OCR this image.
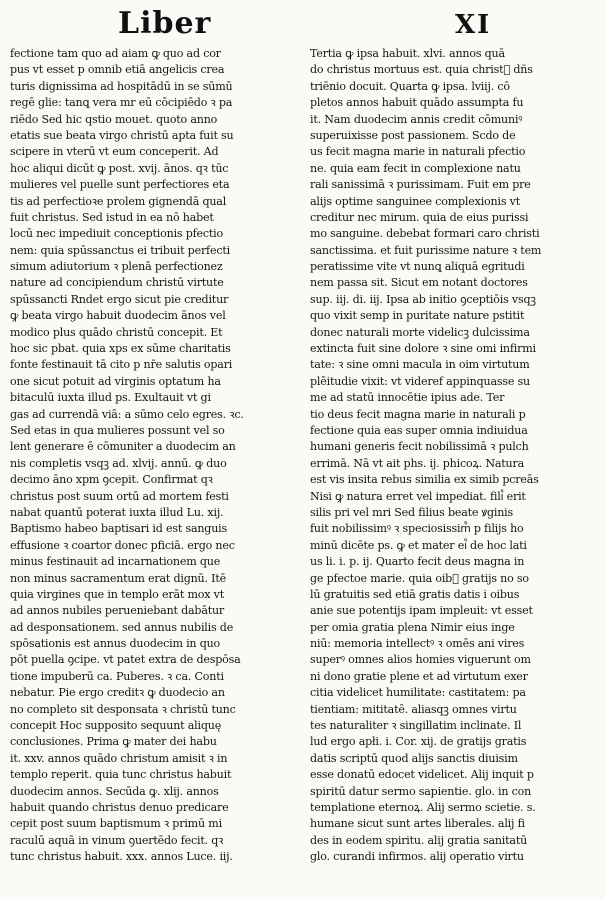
Liber	XI
fectione tam quo ad aiam ꝙ quo ad cor
pus vt esset p omnib etiā angelicis crea
turis dignissima ad hospitādū in se sūmū
regē glie: tanꝗ vera mr eū cōcipiēdo ꝛ pa
riēdo Sed hic qstio mouet. quoto anno
etatis sue beata virgo christū apta fuit su
scipere in vterū vt eum conceperit. Ad
hoc aliqui dicūt ꝙ post. xvij. ānos. qꝛ tūc
mulieres vel puelle sunt perfectiores eta
tis ad perfectioꝛe prolem gignendā qual
fuit christus. Sed istud in ea nō habet
locū nec impediuit conceptionis pfectio
nem: quia spūssanctus ei tribuit perfecti
simum adiutorium ꝛ plenā perfectionez
nature ad concipiendum christū virtute
spūssancti Rndet ergo sicut pie creditur
ꝙ beata virgo habuit duodecim ānos vel
modico plus quādo christū concepit. Et
hoc sic pbat. quia xps ex sūme charitatis
fonte festinauit tā cito p nr̄e salutis opari
one sicut potuit ad virginis optatum ha
bitaculū iuxta illud ps. Exultauit vt gi
gas ad currendā viā: a sūmo celo egres. ꝛc.
Sed etas in qua mulieres possunt vel so
lent generare ē cōmuniter a duodecim an
nis completis vsqꝫ ad. xlvij. annū. ꝙ duo
decimo āno xpm ꝯcepit. Confirmat qꝛ
christus post suum ortū ad mortem festi
nabat quantū poterat iuxta illud Lu. xij.
Baptismo habeo baptisari id est sanguis
effusione ꝛ coartor donec pficiā. ergo nec
minus festinauit ad incarnationem que
non minus sacramentum erat dignū. Itē
quia virgines que in templo erāt mox vt
ad annos nubiles perueniebant dabātur
ad desponsationem. sed annus nubilis de
spōsationis est annus duodecim in quo
pōt puella ꝯcipe. vt patet extra de despōsa
tione impuberū ca. Puberes. ꝛ ca. Conti
nebatur. Pie ergo creditꝛ ꝙ duodecio an
no completo sit desponsata ꝛ christū tunc
concepit Hoc supposito sequunt aliquę
conclusiones. Prima ꝙ mater dei habu
it. xxv. annos quādo christum amisit ꝛ in
templo reperit. quia tunc christus habuit
duodecim annos. Secūda ꝙ. xlij. annos
habuit quando christus denuo predicare
cepit post suum baptismum ꝛ primū mi
raculū aquā in vinum ꝯuertēdo fecit. qꝛ
tunc christus habuit. xxx. annos Luce. iij.
Tertia ꝙ ipsa habuit. xlvi. annos quā
do christus mortuus est. quia christ᷒ dñs
triēnio docuit. Quarta ꝙ ipsa. lviij. cō
pletos annos habuit quādo assumpta fu
it. Nam duodecim annis credit cōmuniꝰ
superuixisse post passionem. Scdo de
us fecit magna marie in naturali pfectio
ne. quia eam fecit in complexione natu
rali sanissimā ꝛ purissimam. Fuit em pre
alijs optime sanguinee complexionis vt
creditur nec mirum. quia de eius purissi
mo sanguine. debebat formari caro christi
sanctissima. et fuit purissime nature ꝛ tem
peratissime vite vt nunꝗ aliquā egritudi
nem passa sit. Sicut em notant doctores
sup. iij. di. iij. Ipsa ab initio ꝯceptiōis vsqꝫ
quo vixit semp in puritate nature pstitit
donec naturali morte videlicꝫ dulcissima
extincta fuit sine dolore ꝛ sine omi infirmi
tate: ꝛ sine omni macula in oim virtutum
plēitudie vixit: vt videref appinquasse su
me ad statū innocētie ipius ade. Ter
tio deus fecit magna marie in naturali p
fectione quia eas super omnia indiuidua
humani generis fecit nobilissimā ꝛ pulch
errimā. Nā vt ait phs. ij. phicoꝝ. Natura
est vis insita rebus similia ex simib pcreās
Nisi ꝙ natura erret vel impediat. fili᷒ erit
silis pri vel mri Sed filius beate ꝟginis
fuit nobilissimꝰ ꝛ speciosissim᷒ p filijs ho
minū dicēte ps. ꝙ et mater ei᷒ de hoc lati
us li. i. p. ij. Quarto fecit deus magna in
ge pfectoe marie. quia oib᷒ gratijs no so
lū gratuitis sed etiā gratis datis i oibus
anie sue potentijs ipam impleuit: vt esset
per omia gratia plena Nimir eius inge
niū: memoria intellectꝰ ꝛ omēs ani vires
superꝰ omnes alios homies viguerunt om
ni dono gratie plene et ad virtutum exer
citia videlicet humilitate: castitatem: pa
tientiam: mititatē. aliasqꝫ omnes virtu
tes naturaliter ꝛ singillatim inclinate. Il
lud ergo apłi. i. Cor. xij. de gratijs gratis
datis scriptū quod alijs sanctis diuisim
esse donatū edocet videlicet. Alij inquit p
spiritū datur sermo sapientie. glo. in con
templatione eternoꝝ. Alij sermo scietie. s.
humane sicut sunt artes liberales. alij fi
des in eodem spiritu. alij gratia sanitatū
glo. curandi infirmos. alij operatio virtu
